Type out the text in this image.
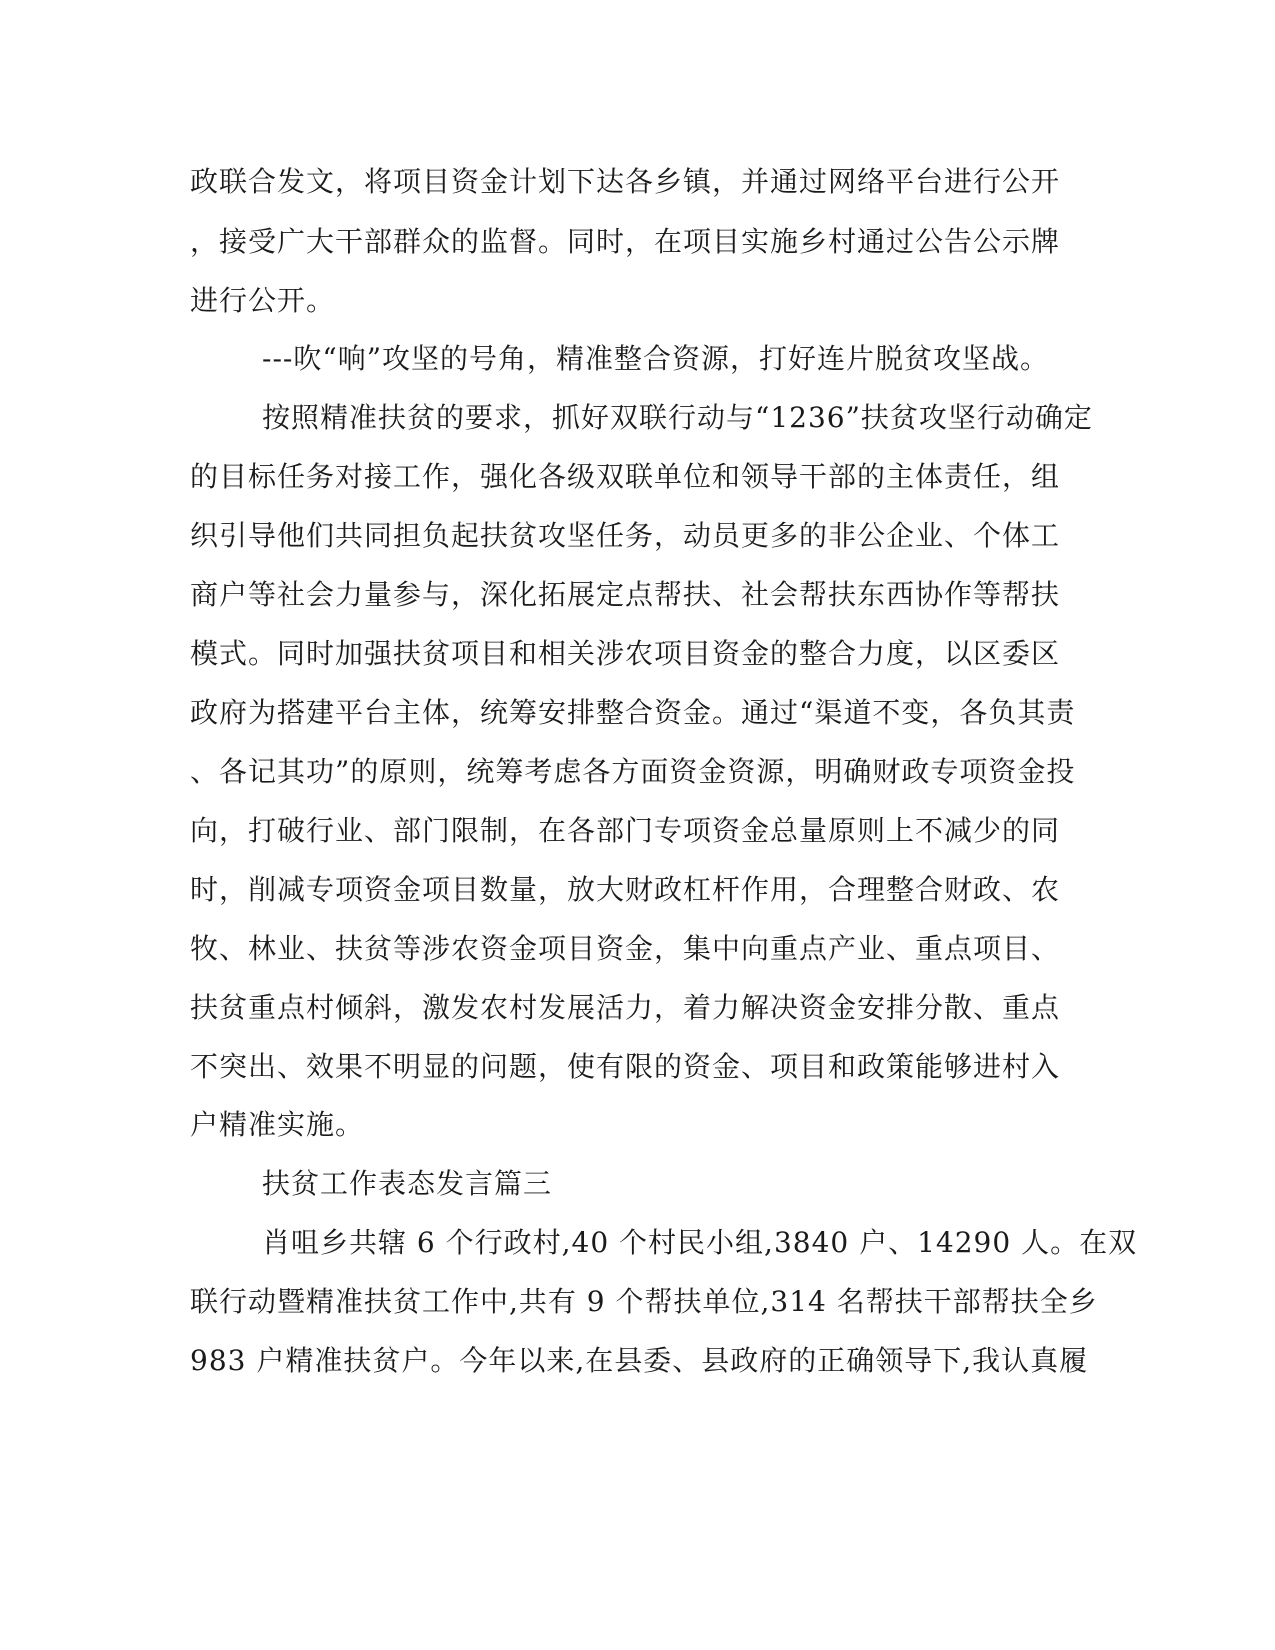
政联合发文，将项目资金计划下达各乡镇，并通过网络平台进行公开

，接受广大干部群众的监督。同时，在项目实施乡村通过公告公示牌

进行公开。

---吹“响”攻坚的号角，精准整合资源，打好连片脱贫攻坚战。

按照精准扶贫的要求，抓好双联行动与“1236”扶贫攻坚行动确定

的目标任务对接工作，强化各级双联单位和领导干部的主体责任，组

织引导他们共同担负起扶贫攻坚任务，动员更多的非公企业、个体工

商户等社会力量参与，深化拓展定点帮扶、社会帮扶东西协作等帮扶

模式。同时加强扶贫项目和相关涉农项目资金的整合力度，以区委区

政府为搭建平台主体，统筹安排整合资金。通过“渠道不变，各负其责

、各记其功”的原则，统筹考虑各方面资金资源，明确财政专项资金投

向，打破行业、部门限制，在各部门专项资金总量原则上不减少的同

时，削减专项资金项目数量，放大财政杠杆作用，合理整合财政、农

牧、林业、扶贫等涉农资金项目资金，集中向重点产业、重点项目、

扶贫重点村倾斜，激发农村发展活力，着力解决资金安排分散、重点

不突出、效果不明显的问题，使有限的资金、项目和政策能够进村入

户精准实施。

扶贫工作表态发言篇三

肖咀乡共辖 6 个行政村,40 个村民小组,3840 户、14290 人。在双

联行动暨精准扶贫工作中,共有 9 个帮扶单位,314 名帮扶干部帮扶全乡

983 户精准扶贫户。今年以来,在县委、县政府的正确领导下,我认真履
